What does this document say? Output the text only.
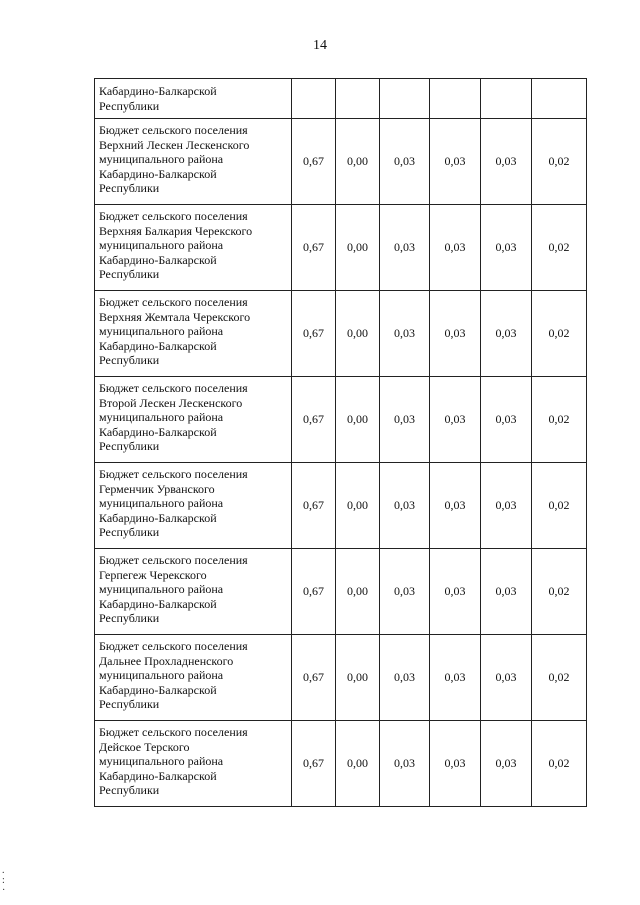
14
Кабардино-Балкарской
Республики						

Бюджет сельского поселения
Верхний Лескен Лескенского
муниципального района
Кабардино-Балкарской
Республики	0,67	0,00	0,03	0,03	0,03	0,02

Бюджет сельского поселения
Верхняя Балкария Черекского
муниципального района
Кабардино-Балкарской
Республики	0,67	0,00	0,03	0,03	0,03	0,02

Бюджет сельского поселения
Верхняя Жемтала Черекского
муниципального района
Кабардино-Балкарской
Республики	0,67	0,00	0,03	0,03	0,03	0,02

Бюджет сельского поселения
Второй Лескен Лескенского
муниципального района
Кабардино-Балкарской
Республики	0,67	0,00	0,03	0,03	0,03	0,02

Бюджет сельского поселения
Герменчик Урванского
муниципального района
Кабардино-Балкарской
Республики	0,67	0,00	0,03	0,03	0,03	0,02

Бюджет сельского поселения
Герпегеж Черекского
муниципального района
Кабардино-Балкарской
Республики	0,67	0,00	0,03	0,03	0,03	0,02

Бюджет сельского поселения
Дальнее Прохладненского
муниципального района
Кабардино-Балкарской
Республики	0,67	0,00	0,03	0,03	0,03	0,02

Бюджет сельского поселения
Дейское Терского
муниципального района
Кабардино-Балкарской
Республики	0,67	0,00	0,03	0,03	0,03	0,02
.
:
·
